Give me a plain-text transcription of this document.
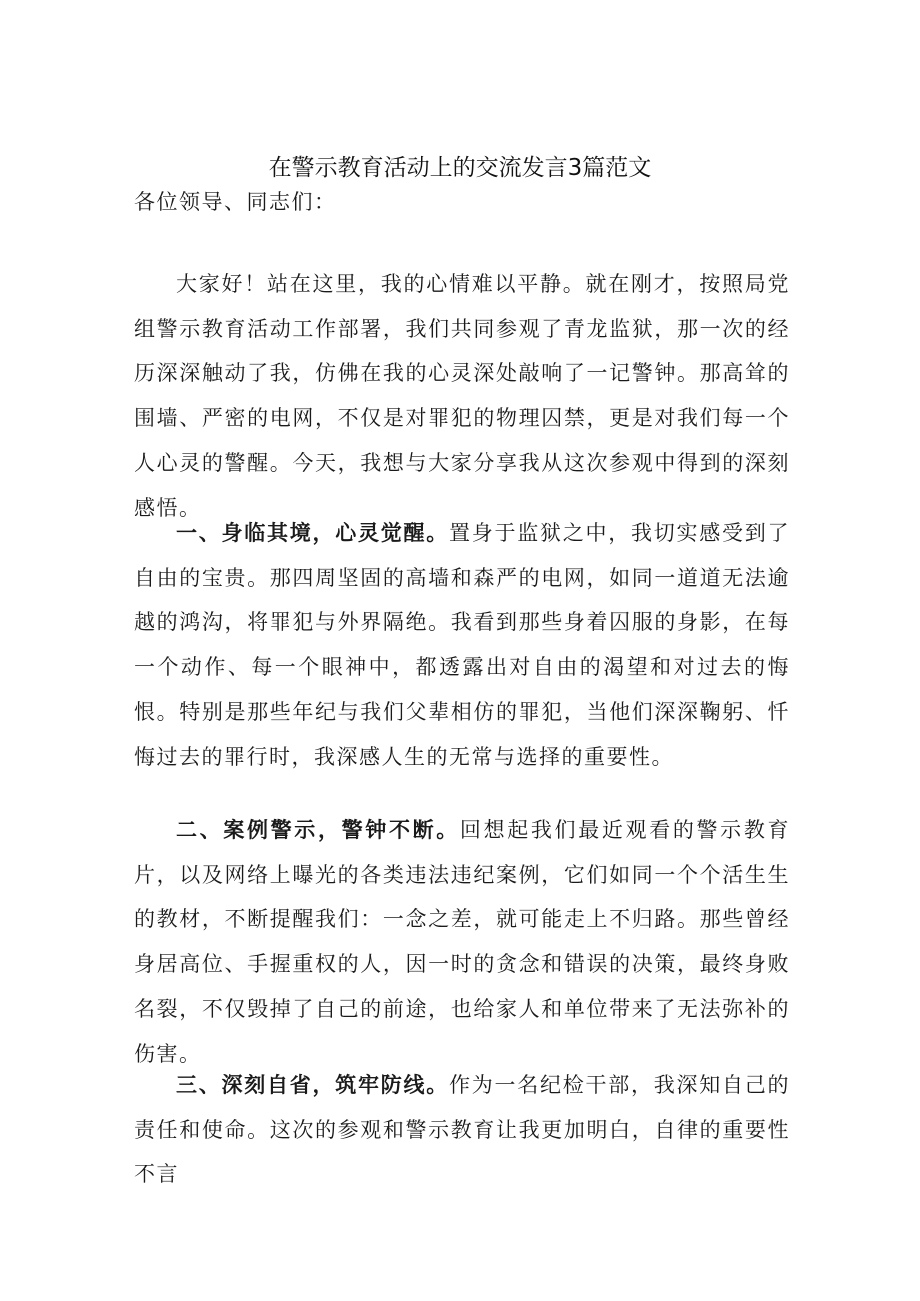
在警示教育活动上的交流发言3篇范文
各位领导、同志们：

大家好！站在这里，我的心情难以平静。就在刚才，按照局党组警示教育活动工作部署，我们共同参观了青龙监狱，那一次的经历深深触动了我，仿佛在我的心灵深处敲响了一记警钟。那高耸的围墙、严密的电网，不仅是对罪犯的物理囚禁，更是对我们每一个人心灵的警醒。今天，我想与大家分享我从这次参观中得到的深刻感悟。

一、身临其境，心灵觉醒。置身于监狱之中，我切实感受到了自由的宝贵。那四周坚固的高墙和森严的电网，如同一道道无法逾越的鸿沟，将罪犯与外界隔绝。我看到那些身着囚服的身影，在每一个动作、每一个眼神中，都透露出对自由的渴望和对过去的悔恨。特别是那些年纪与我们父辈相仿的罪犯，当他们深深鞠躬、忏悔过去的罪行时，我深感人生的无常与选择的重要性。

二、案例警示，警钟不断。回想起我们最近观看的警示教育片，以及网络上曝光的各类违法违纪案例，它们如同一个个活生生的教材，不断提醒我们：一念之差，就可能走上不归路。那些曾经身居高位、手握重权的人，因一时的贪念和错误的决策，最终身败名裂，不仅毁掉了自己的前途，也给家人和单位带来了无法弥补的伤害。

三、深刻自省，筑牢防线。作为一名纪检干部，我深知自己的责任和使命。这次的参观和警示教育让我更加明白，自律的重要性不言
